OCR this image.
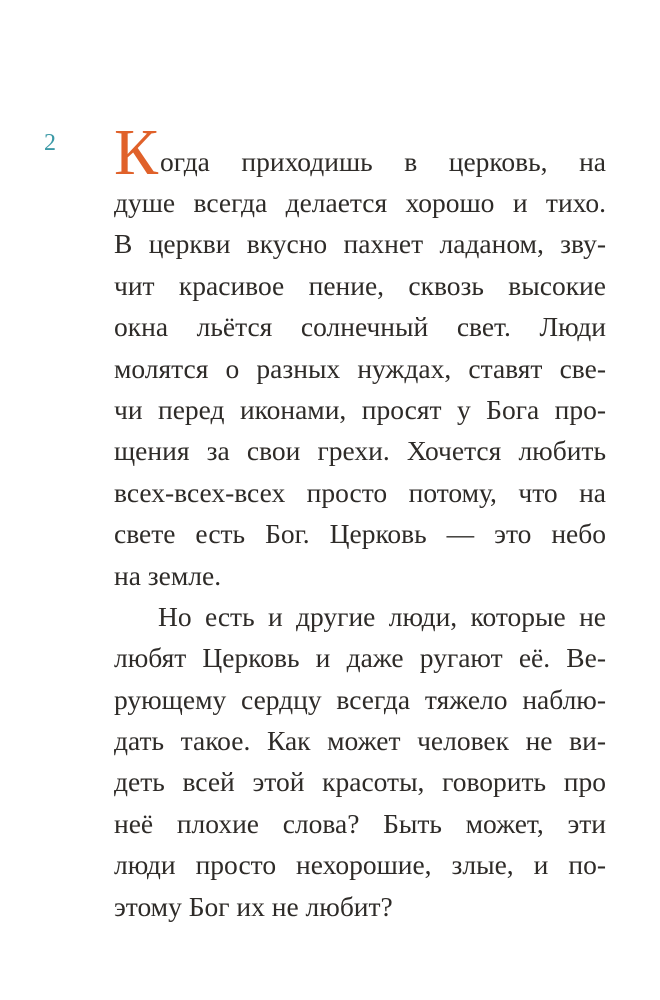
2 К огда приходишь в церковь, на
душе всегда делается хорошо и тихо.
В церкви вкусно пахнет ладаном, зву-
чит красивое пение, сквозь высокие
окна льётся солнечный свет. Люди
молятся о разных нуждах, ставят све-
чи перед иконами, просят у Бога про-
щения за свои грехи. Хочется любить
всех-всех-всех просто потому, что на
свете есть Бог. Церковь — это небо
на земле.
Но есть и другие люди, которые не
любят Церковь и даже ругают её. Ве-
рующему сердцу всегда тяжело наблю-
дать такое. Как может человек не ви-
деть всей этой красоты, говорить про
неё плохие слова? Быть может, эти
люди просто нехорошие, злые, и по-
этому Бог их не любит?
